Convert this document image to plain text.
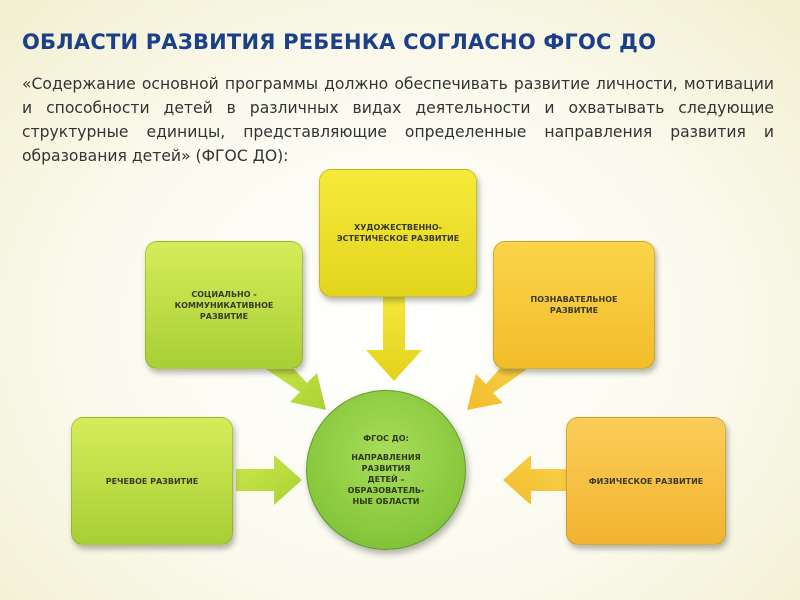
ОБЛАСТИ РАЗВИТИЯ РЕБЕНКА СОГЛАСНО ФГОС ДО
«Содержание основной программы должно обеспечивать развитие личности, мотивации и способности детей в различных видах деятельности и охватывать следующие структурные единицы, представляющие определенные направления развития и образования детей» (ФГОС ДО):
ХУДОЖЕСТВЕННО-
ЭСТЕТИЧЕСКОЕ РАЗВИТИЕ
СОЦИАЛЬНО -
КОММУНИКАТИВНОЕ
РАЗВИТИЕ
ПОЗНАВАТЕЛЬНОЕ РАЗВИТИЕ
РЕЧЕВОЕ РАЗВИТИЕ	ФИЗИЧЕСКОЕ РАЗВИТИЕ
ФГОС ДО:
НАПРАВЛЕНИЯ РАЗВИТИЯ
ДЕТЕЙ – ОБРАЗОВАТЕЛЬ-
НЫЕ ОБЛАСТИ
